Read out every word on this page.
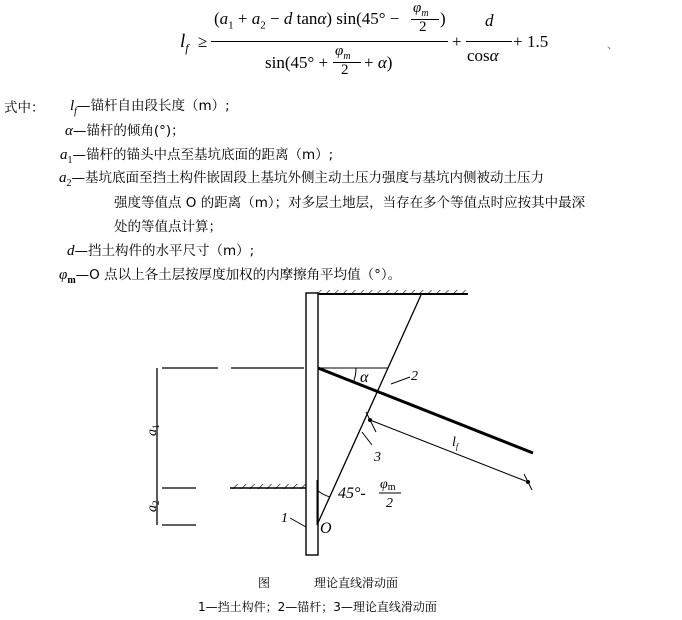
$l_f$ ≥
($a_1 + a_2 - d$ tanα) sin(45° −
$\varphi_m$
2 )
sin(45° +
$\varphi_m$
2 + α)
+
d
cosα
+ 1.5	、
式中： $l_f—$锚杆自由段长度（m）;
α—锚杆的倾角(°)；
$a_1—$锚杆的锚头中点至基坑底面的距离（m）;
$a_2—$基坑底面至挡土构件嵌固段上基坑外侧主动土压力强度与基坑内侧被动土压力
强度等值点 O 的距离（m）；对多层土地层，当存在多个等值点时应按其中最深
处的等值点计算；
d—挡土构件的水平尺寸（m）;
$\varphi_m—O$ 点以上各土层按厚度加权的内摩擦角平均值（°）。
$a_1$
$a_2$
α	2
3
1
O
$l_f$
45°-
φm
2
图	理论直线滑动面
1—挡土构件；2—锚杆；3—理论直线滑动面
